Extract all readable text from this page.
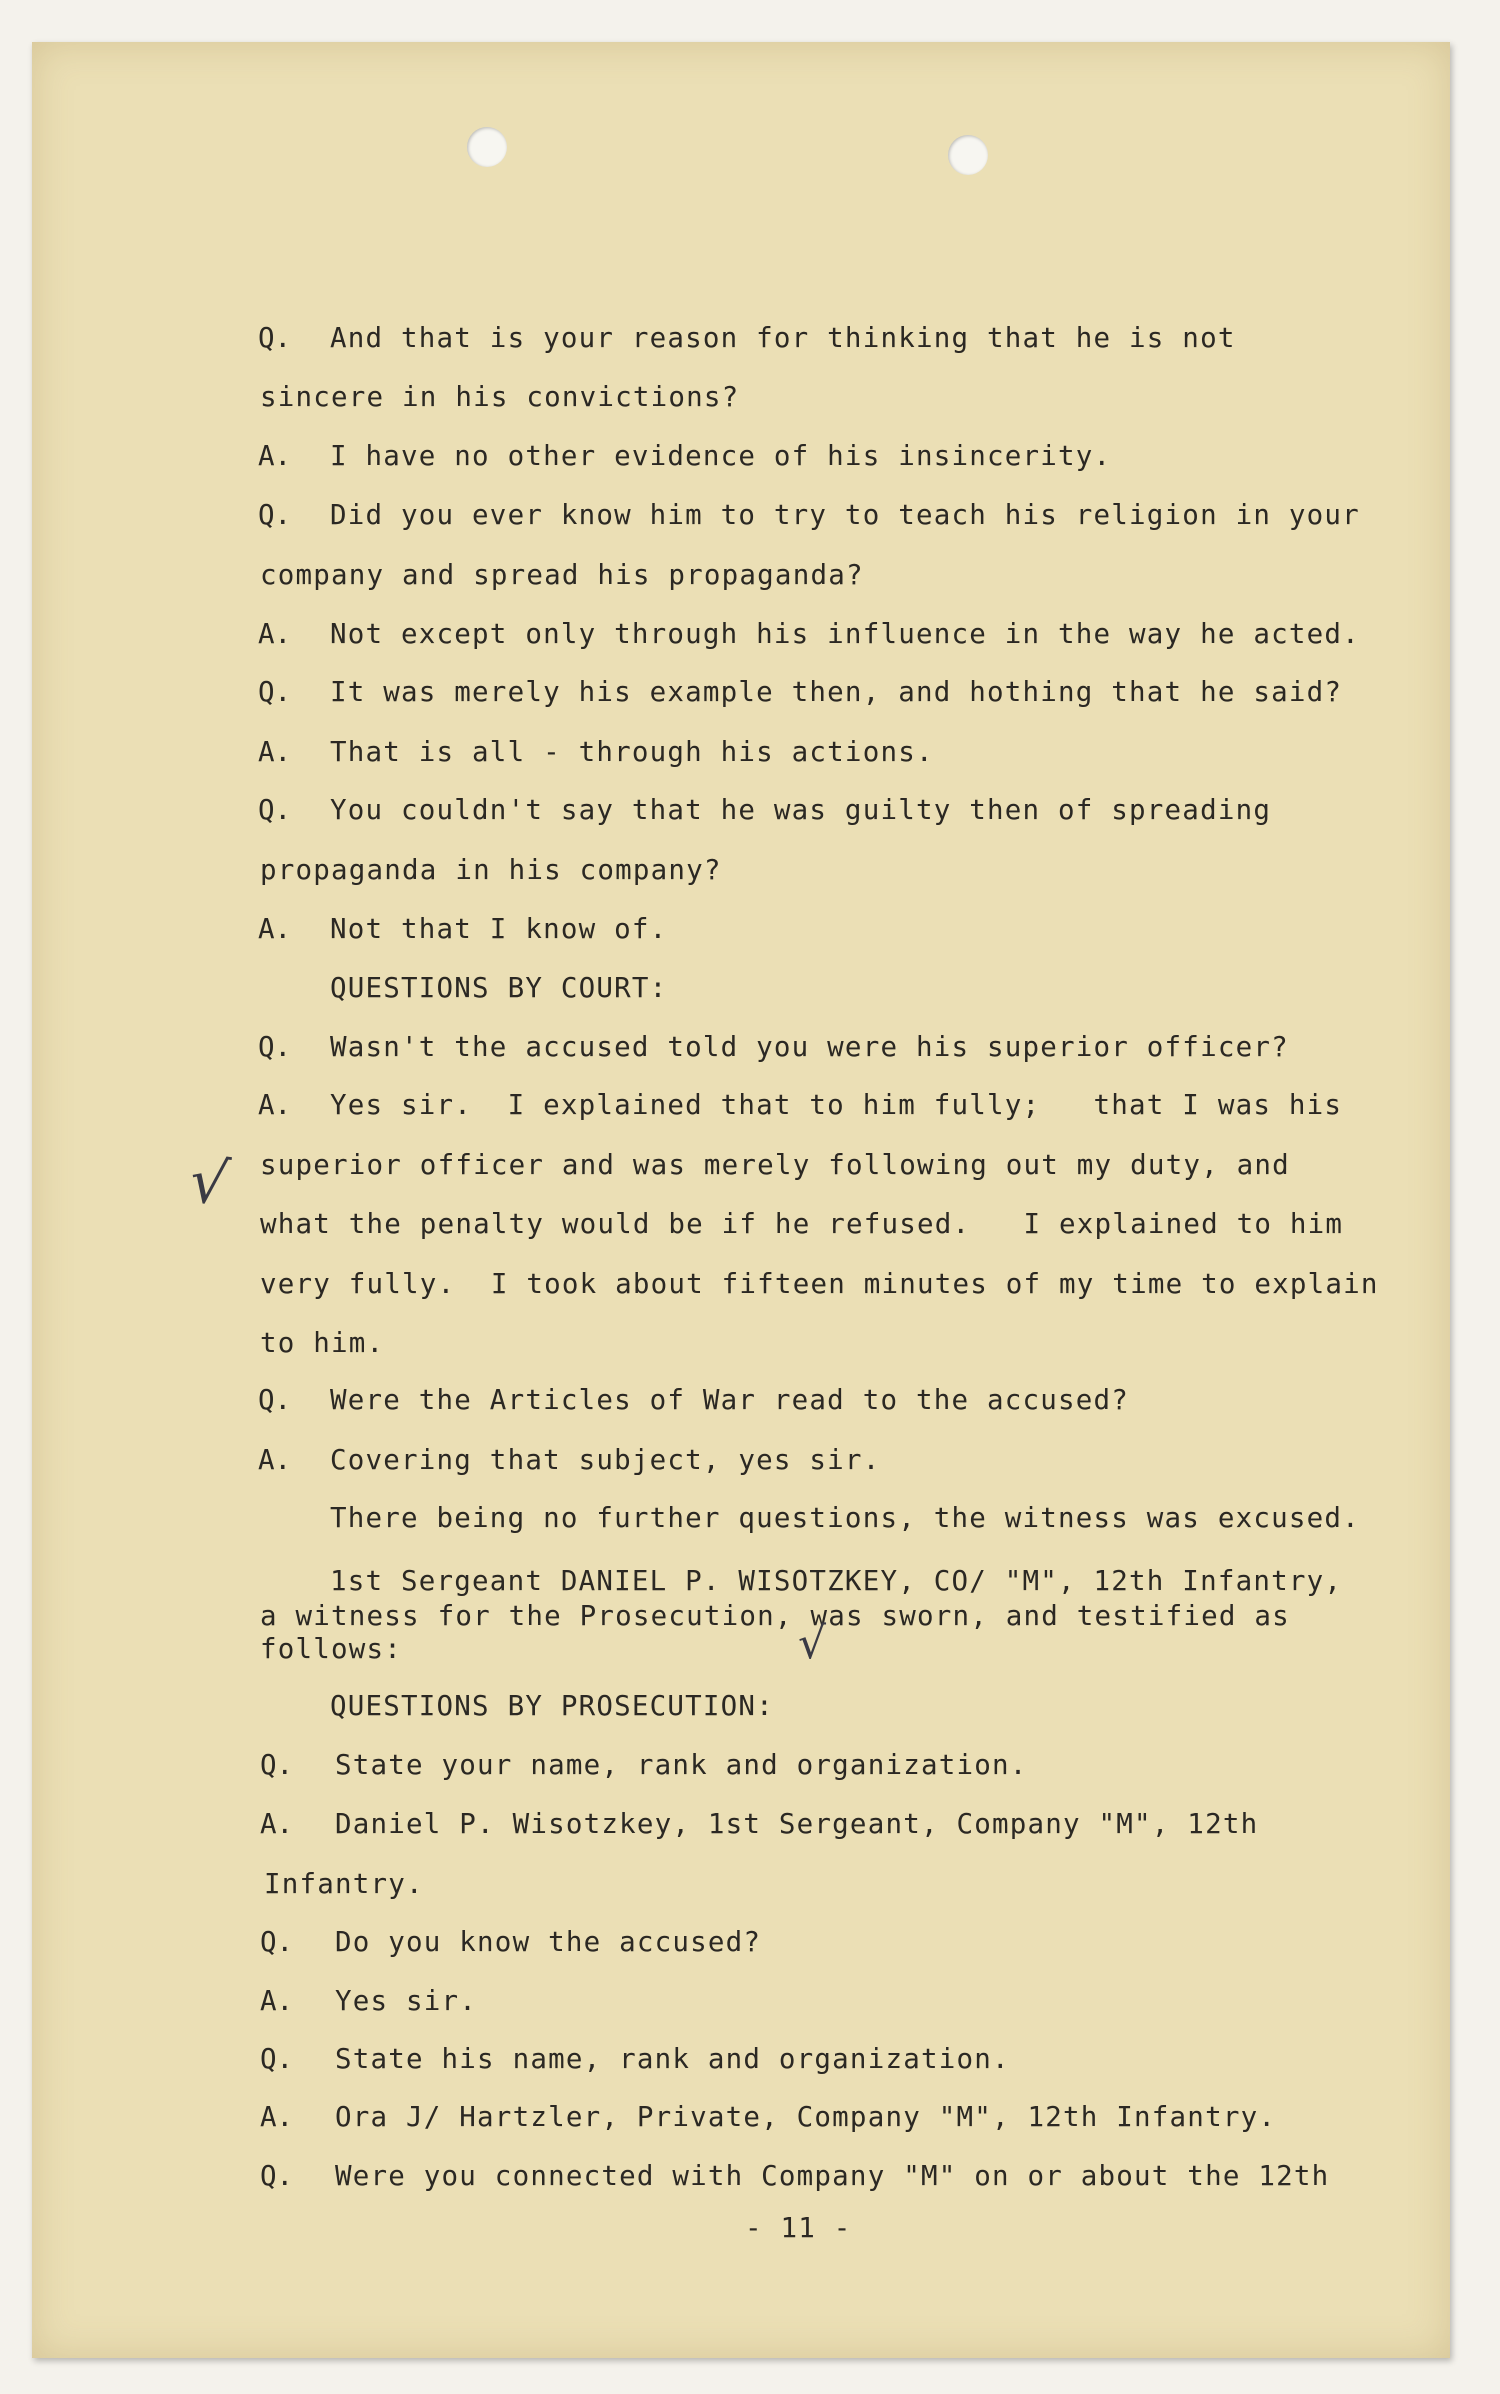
Q. And that is your reason for thinking that he is not
sincere in his convictions?
A. I have no other evidence of his insincerity.
Q. Did you ever know him to try to teach his religion in your
company and spread his propaganda?
A. Not except only through his influence in the way he acted.
Q. It was merely his example then, and hothing that he said?
A. That is all - through his actions.
Q. You couldn't say that he was guilty then of spreading
propaganda in his company?
A. Not that I know of.
QUESTIONS BY COURT:
Q. Wasn't the accused told you were his superior officer?
A. Yes sir.  I explained that to him fully;   that I was his
superior officer and was merely following out my duty, and
what the penalty would be if he refused.   I explained to him
very fully.  I took about fifteen minutes of my time to explain
to him.
Q. Were the Articles of War read to the accused?
A. Covering that subject, yes sir.
There being no further questions, the witness was excused.
1st Sergeant DANIEL P. WISOTZKEY, CO/ "M", 12th Infantry,
a witness for the Prosecution, was sworn, and testified as
follows:
QUESTIONS BY PROSECUTION:
Q. State your name, rank and organization.
A. Daniel P. Wisotzkey, 1st Sergeant, Company "M", 12th
Infantry.
Q. Do you know the accused?
A. Yes sir.
Q. State his name, rank and organization.
A. Ora J/ Hartzler, Private, Company "M", 12th Infantry.
Q. Were you connected with Company "M" on or about the 12th
- 11 -
√
√
